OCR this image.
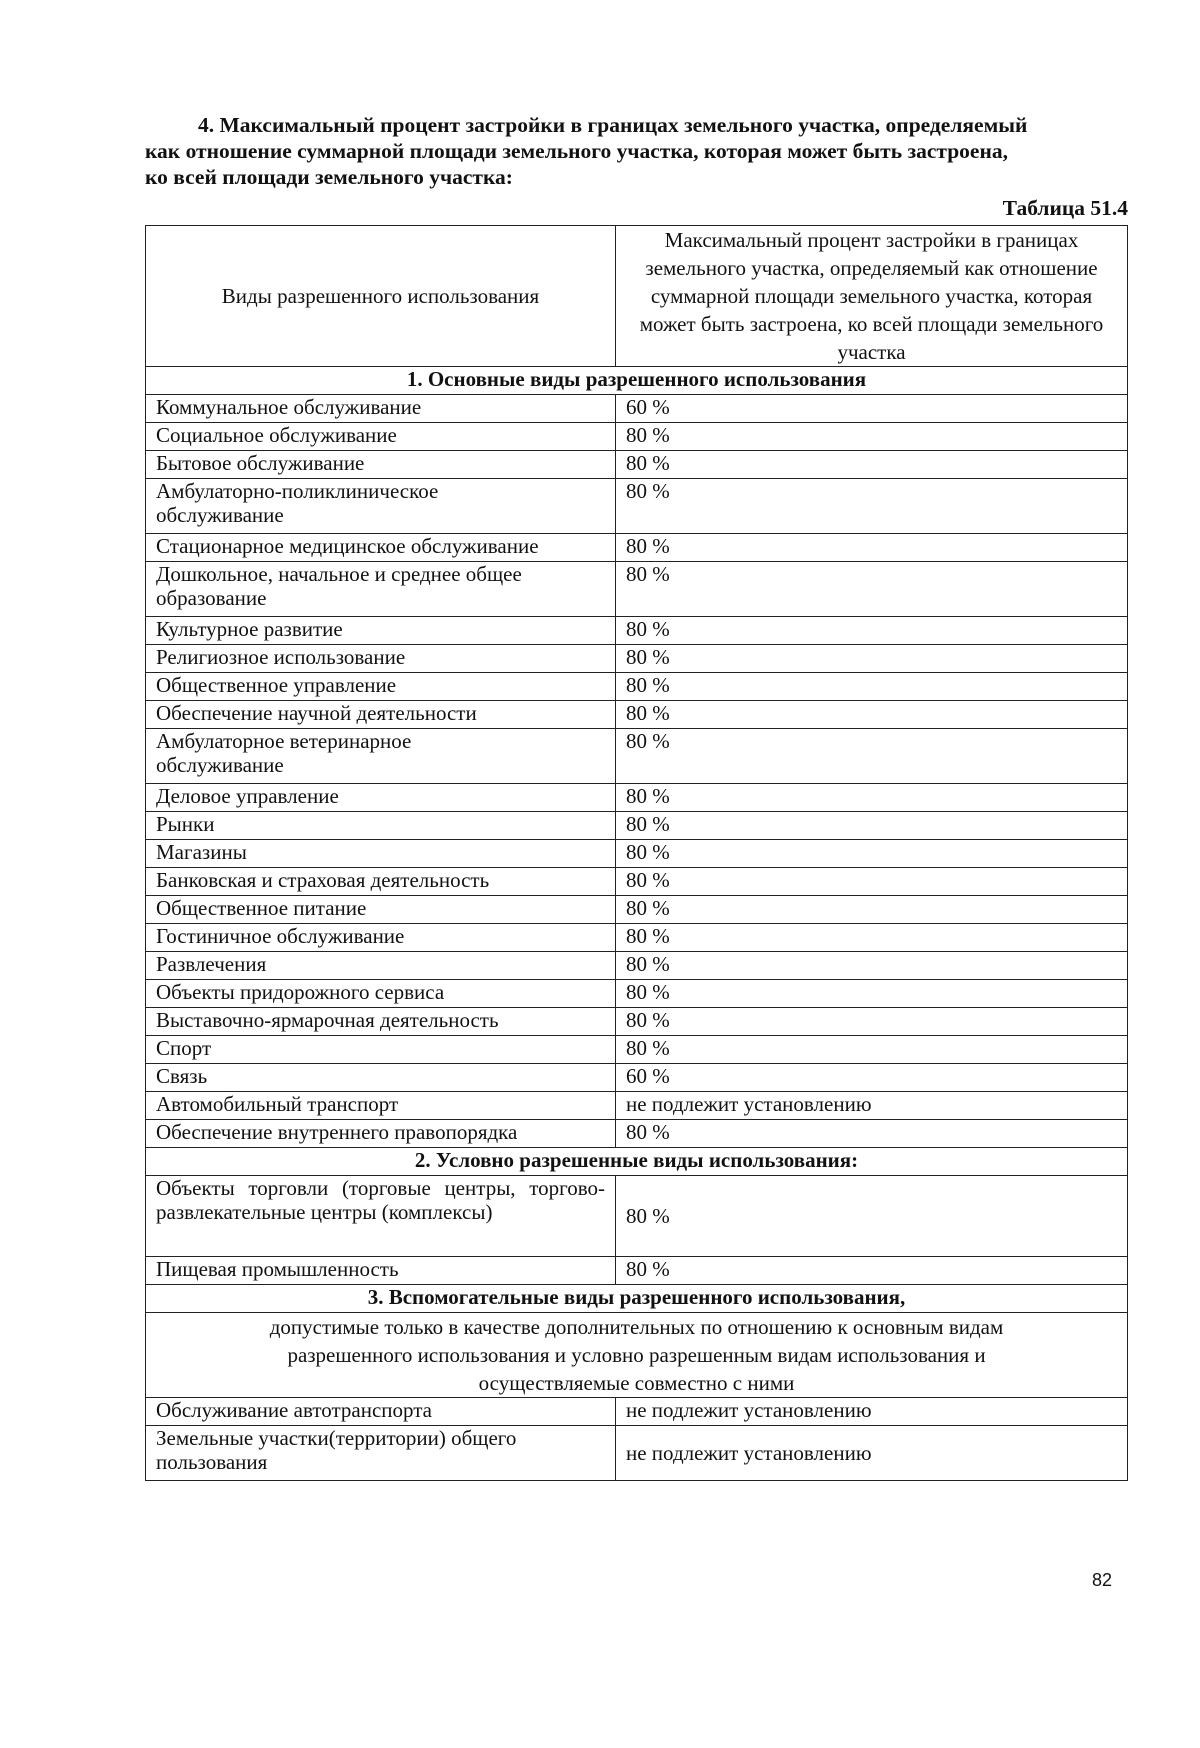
4. Максимальный процент застройки в границах земельного участка, определяемый

как отношение суммарной площади земельного участка, которая может быть застроена,

ко всей площади земельного участка:

Таблица 51.4
Виды разрешенного использования	Максимальный процент застройки в границах земельного участка, определяемый как отношение суммарной площади земельного участка, которая может быть застроена, ко всей площади земельного участка
1. Основные виды разрешенного использования	
Коммунальное обслуживание	60 %
Социальное обслуживание	80 %
Бытовое обслуживание	80 %
Амбулаторно-поликлиническое обслуживание	80 %
Стационарное медицинское обслуживание	80 %
Дошкольное, начальное и среднее общее образование	80 %
Культурное развитие	80 %
Религиозное использование	80 %
Общественное управление	80 %
Обеспечение научной деятельности	80 %
Амбулаторное ветеринарное обслуживание	80 %
Деловое управление	80 %
Рынки	80 %
Магазины	80 %
Банковская и страховая деятельность	80 %
Общественное питание	80 %
Гостиничное обслуживание	80 %
Развлечения	80 %
Объекты придорожного сервиса	80 %
Выставочно-ярмарочная деятельность	80 %
Спорт	80 %
Связь	60 %
Автомобильный транспорт	не подлежит установлению
Обеспечение внутреннего правопорядка	80 %
2. Условно разрешенные виды использования:	
Объекты торговли (торговые центры, торгово-развлекательные центры (комплексы)	80 %
Пищевая промышленность	80 %
3. Вспомогательные виды разрешенного использования,	
допустимые только в качестве дополнительных по отношению к основным видам разрешенного использования и условно разрешенным видам использования и осуществляемые совместно с ними	
Обслуживание автотранспорта	не подлежит установлению
Земельные участки(территории) общего пользования	не подлежит установлению
82
